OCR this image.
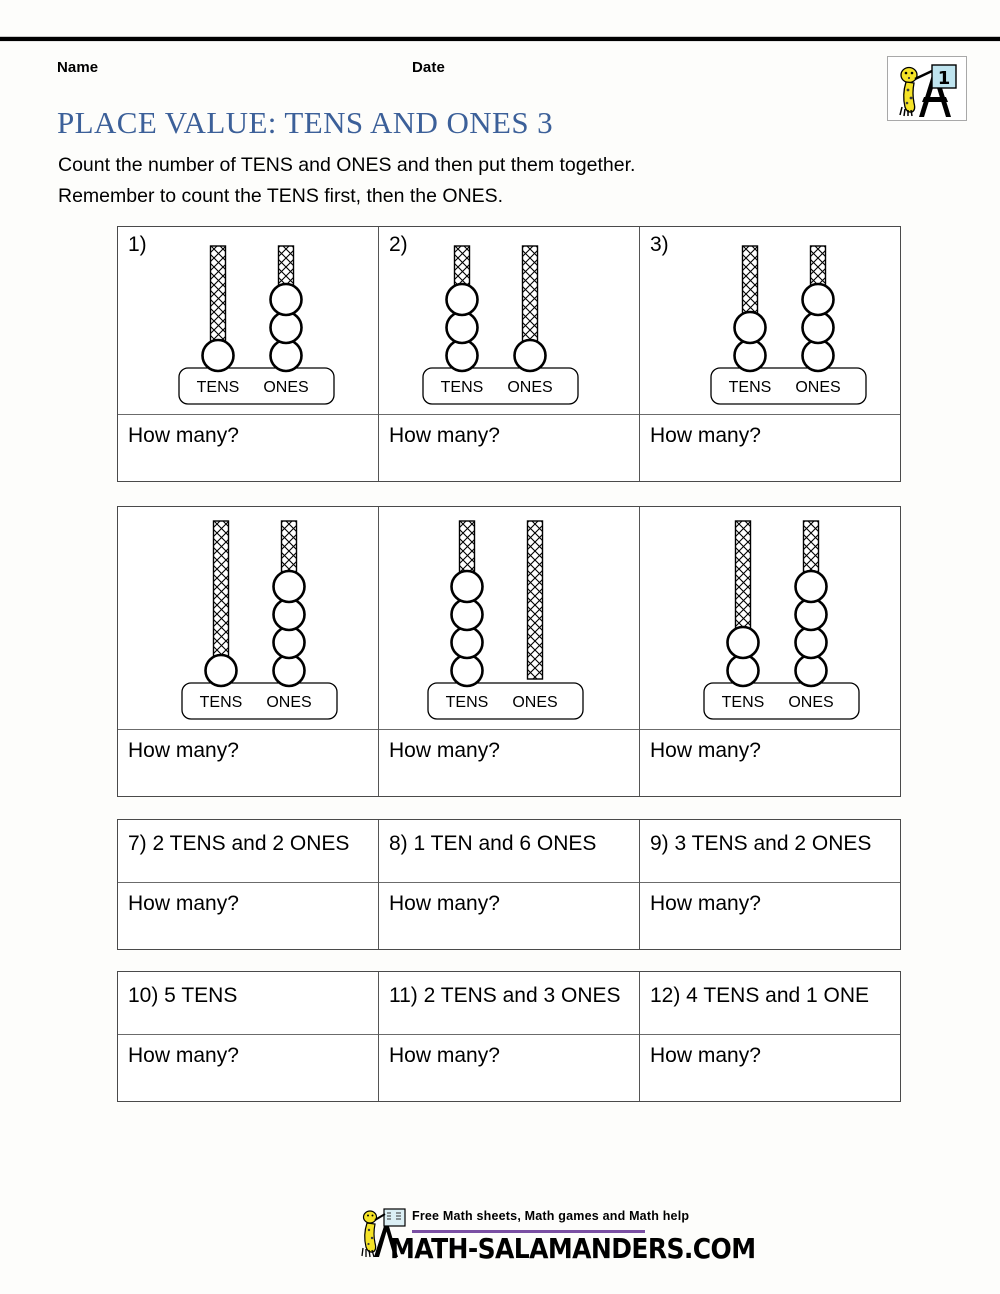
Name	Date
1
PLACE VALUE: TENS AND ONES 3
Count the number of TENS and ONES and then put them together.
Remember to count the TENS first, then the ONES.
1)
TENS ONES
How many?
2)
TENS ONES
How many?
3)
TENS ONES
How many?
TENS ONES
How many?
TENS ONES
How many?
TENS ONES
How many?
7) 2 TENS and 2 ONES
How many?
8) 1 TEN and 6 ONES
How many?
9) 3 TENS and 2 ONES
How many?
10) 5 TENS
How many?
11) 2 TENS and 3 ONES
How many?
12) 4 TENS and 1 ONE
How many?
Free Math sheets, Math games and Math help
MATH-SALAMANDERS.COM
